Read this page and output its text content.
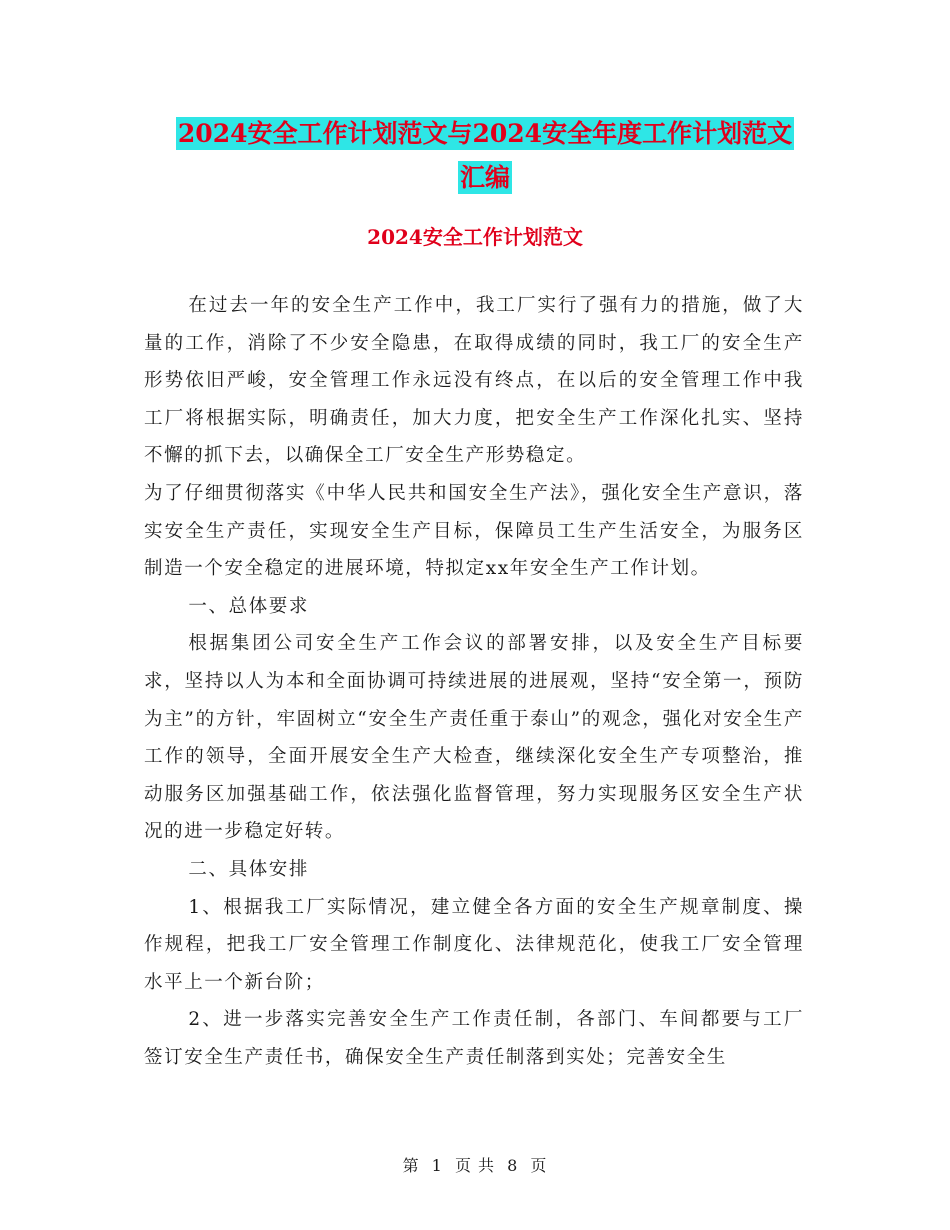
2024安全工作计划范文与2024安全年度工作计划范文
汇编
2024安全工作计划范文

在过去一年的安全生产工作中，我工厂实行了强有力的措施，做了大量的工作，消除了不少安全隐患，在取得成绩的同时，我工厂的安全生产形势依旧严峻，安全管理工作永远没有终点，在以后的安全管理工作中我工厂将根据实际，明确责任，加大力度，把安全生产工作深化扎实、坚持不懈的抓下去，以确保全工厂安全生产形势稳定。

为了仔细贯彻落实《中华人民共和国安全生产法》，强化安全生产意识，落实安全生产责任，实现安全生产目标，保障员工生产生活安全，为服务区制造一个安全稳定的进展环境，特拟定xx年安全生产工作计划。

一、总体要求

根据集团公司安全生产工作会议的部署安排，以及安全生产目标要求，坚持以人为本和全面协调可持续进展的进展观，坚持“安全第一，预防为主”的方针，牢固树立“安全生产责任重于泰山”的观念，强化对安全生产工作的领导，全面开展安全生产大检查，继续深化安全生产专项整治，推动服务区加强基础工作，依法强化监督管理，努力实现服务区安全生产状况的进一步稳定好转。

二、具体安排

1、根据我工厂实际情况，建立健全各方面的安全生产规章制度、操作规程，把我工厂安全管理工作制度化、法律规范化，使我工厂安全管理水平上一个新台阶；

2、进一步落实完善安全生产工作责任制，各部门、车间都要与工厂签订安全生产责任书，确保安全生产责任制落到实处；完善安全生

第 1 页 共 8 页
